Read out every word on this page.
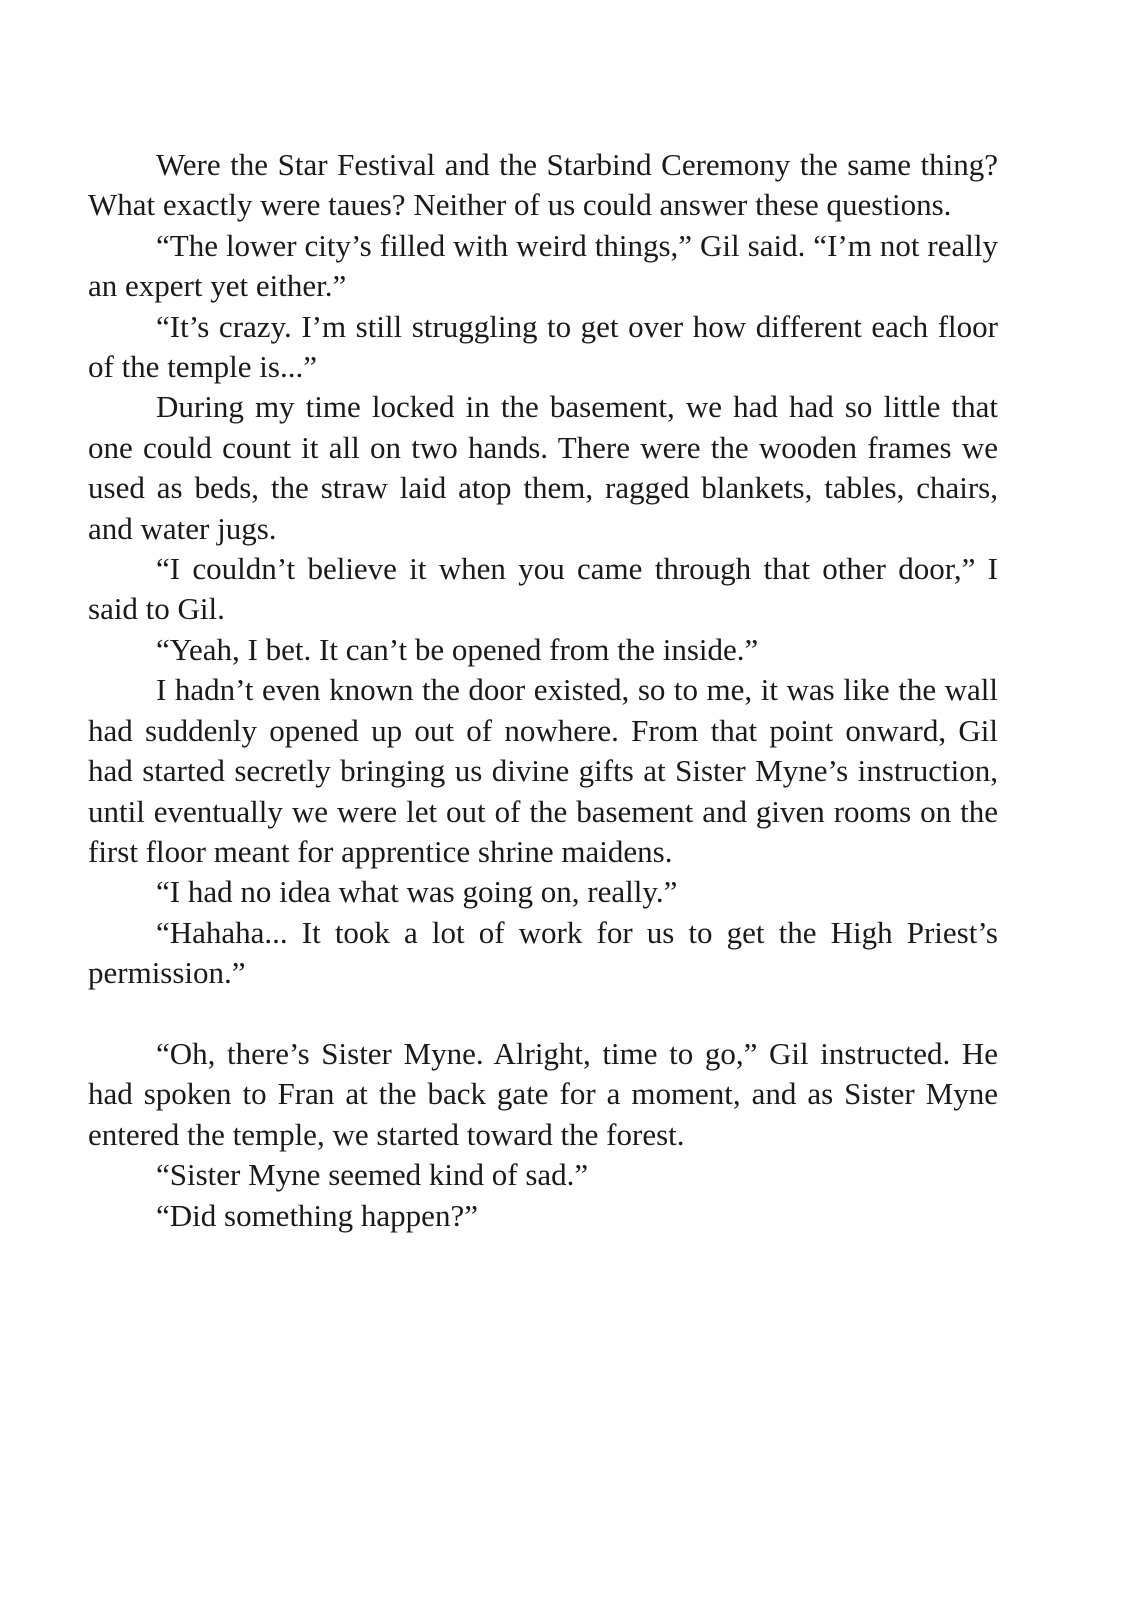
Were the Star Festival and the Starbind Ceremony the same thing? What exactly were taues? Neither of us could answer these questions.

“The lower city’s filled with weird things,” Gil said. “I’m not really an expert yet either.”

“It’s crazy. I’m still struggling to get over how different each floor of the temple is...”

During my time locked in the basement, we had had so little that one could count it all on two hands. There were the wooden frames we used as beds, the straw laid atop them, ragged blankets, tables, chairs, and water jugs.

“I couldn’t believe it when you came through that other door,” I said to Gil.

“Yeah, I bet. It can’t be opened from the inside.”

I hadn’t even known the door existed, so to me, it was like the wall had suddenly opened up out of nowhere. From that point onward, Gil had started secretly bringing us divine gifts at Sister Myne’s instruction, until eventually we were let out of the basement and given rooms on the first floor meant for apprentice shrine maidens.

“I had no idea what was going on, really.”

“Hahaha... It took a lot of work for us to get the High Priest’s permission.”

“Oh, there’s Sister Myne. Alright, time to go,” Gil instructed. He had spoken to Fran at the back gate for a moment, and as Sister Myne entered the temple, we started toward the forest.

“Sister Myne seemed kind of sad.”

“Did something happen?”
